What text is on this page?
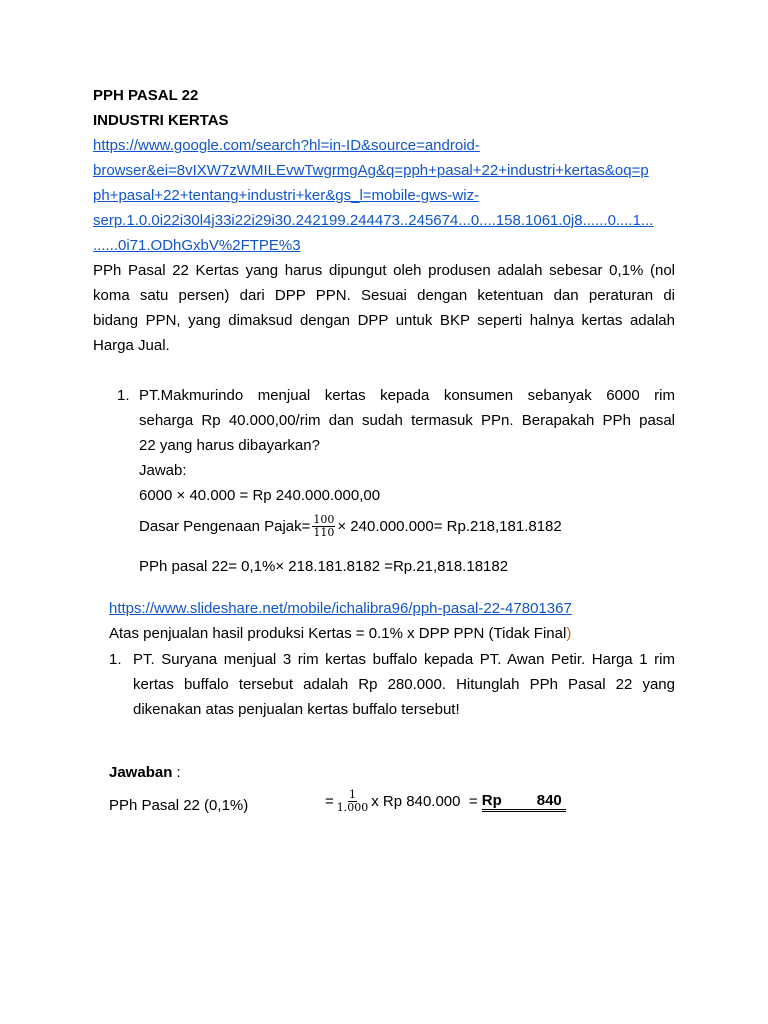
PPH PASAL 22
INDUSTRI KERTAS
https://www.google.com/search?hl=in-ID&source=android-
browser&ei=8vIXW7zWMILEvwTwgrmgAg&q=pph+pasal+22+industri+kertas&oq=p
ph+pasal+22+tentang+industri+ker&gs_l=mobile-gws-wiz-
serp.1.0.0i22i30l4j33i22i29i30.242199.244473..245674...0....158.1061.0j8......0....1...
......0i71.ODhGxbV%2FTPE%3
PPh Pasal 22 Kertas yang harus dipungut oleh produsen adalah sebesar 0,1% (nol
koma satu persen) dari DPP PPN. Sesuai dengan ketentuan dan peraturan di
bidang PPN, yang dimaksud dengan DPP untuk BKP seperti halnya kertas adalah
Harga Jual.
1. PT.Makmurindo menjual kertas kepada konsumen sebanyak 6000 rim
seharga Rp 40.000,00/rim dan sudah termasuk PPn. Berapakah PPh pasal
22 yang harus dibayarkan?
Jawab:
6000 × 40.000 = Rp 240.000.000,00
Dasar Pengenaan Pajak= $\frac{100}{110} \times 240.000.000= Rp.218,181.8182$
PPh pasal 22= 0,1%× 218.181.8182 =Rp.21,818.18182
https://www.slideshare.net/mobile/ichalibra96/pph-pasal-22-47801367
Atas penjualan hasil produksi Kertas = 0.1% x DPP PPN (Tidak Final)
1. PT. Suryana menjual 3 rim kertas buffalo kepada PT. Awan Petir. Harga 1 rim
kertas buffalo tersebut adalah Rp 280.000. Hitunglah PPh Pasal 22 yang
dikenakan atas penjualan kertas buffalo tersebut!
Jawaban :
PPh Pasal 22 (0,1%)	= $\frac{1}{1.000}$ x Rp 840.000  = Rp 840
